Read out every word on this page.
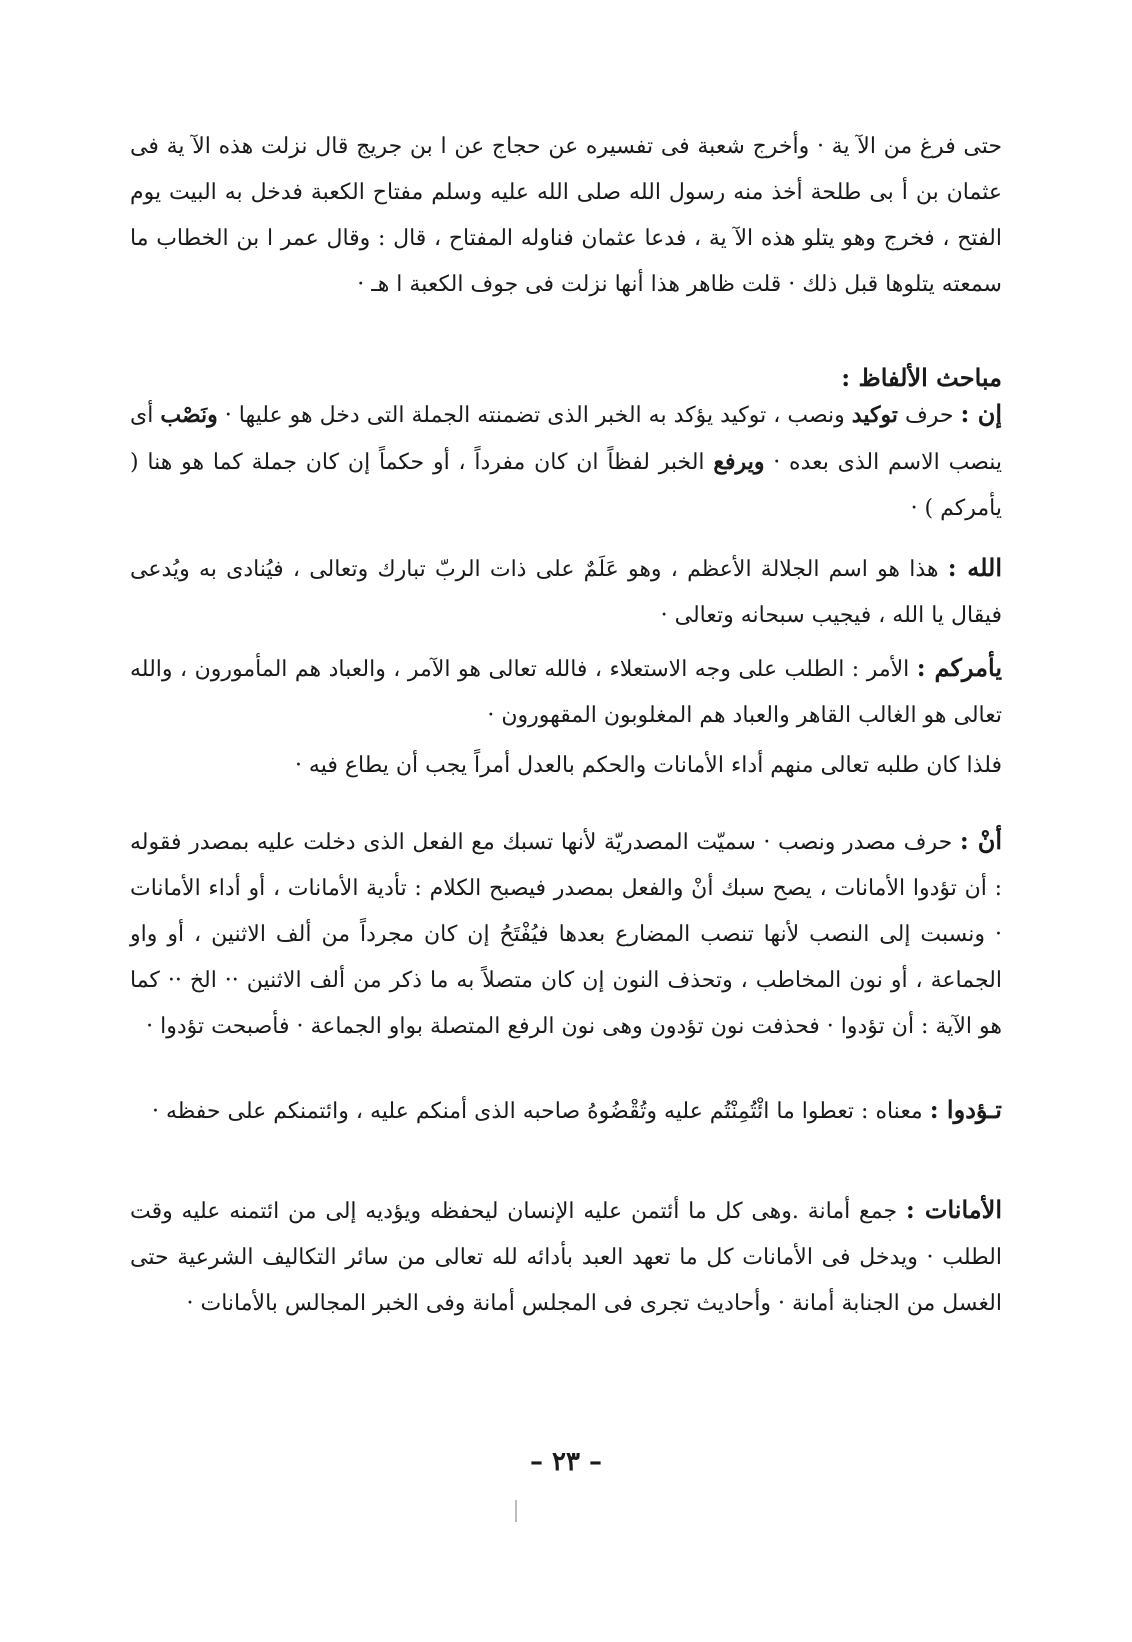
حتى فرغ من الآ ية · وأخرج شعبة فى تفسيره عن حجاج عن ا بن جريج قال نزلت هذه الآ ية فى عثمان بن أ بى طلحة أخذ منه رسول الله صلى الله عليه وسلم مفتاح الكعبة فدخل به البيت يوم الفتح ، فخرج وهو يتلو هذه الآ ية ، فدعا عثمان فناوله المفتاح ، قال : وقال عمر ا بن الخطاب ما سمعته يتلوها قبل ذلك · قلت ظاهر هذا أنها نزلت فى جوف الكعبة ا هـ ·

مباحث الألفاظ :

إن : حرف توكيد ونصب ، توكيد يؤكد به الخبر الذى تضمنته الجملة التى دخل هو عليها · ونَصْب أى ينصب الاسم الذى بعده · ويرفع الخبر لفظاً ان كان مفرداً ، أو حكماً إن كان جملة كما هو هنا ( يأمركم ) ·

الله : هذا هو اسم الجلالة الأعظم ، وهو عَلَمٌ على ذات الربّ تبارك وتعالى ، فيُنادى به ويُدعى فيقال يا الله ، فيجيب سبحانه وتعالى ·

يأمركم : الأمر : الطلب على وجه الاستعلاء ، فالله تعالى هو الآمر ، والعباد هم المأمورون ، والله تعالى هو الغالب القاهر والعباد هم المغلوبون المقهورون ·

فلذا كان طلبه تعالى منهم أداء الأمانات والحكم بالعدل أمراً يجب أن يطاع فيه ·

أنْ : حرف مصدر ونصب · سميّت المصدريّة لأنها تسبك مع الفعل الذى دخلت عليه بمصدر فقوله : أن تؤدوا الأمانات ، يصح سبك أنْ والفعل بمصدر فيصبح الكلام : تأدية الأمانات ، أو أداء الأمانات · ونسبت إلى النصب لأنها تنصب المضارع بعدها فيُفْتَحُ إن كان مجرداً من ألف الاثنين ، أو واو الجماعة ، أو نون المخاطب ، وتحذف النون إن كان متصلاً به ما ذكر من ألف الاثنين ·· الخ ·· كما هو الآية : أن تؤدوا · فحذفت نون تؤدون وهى نون الرفع المتصلة بواو الجماعة · فأصبحت تؤدوا ·

تـؤدوا : معناه : تعطوا ما ائْتُمِنْتُم عليه وتُقْضُوهُ صاحبه الذى أمنكم عليه ، وائتمنكم على حفظه ·

الأمانات : جمع أمانة .وهى كل ما أئتمن عليه الإنسان ليحفظه ويؤديه إلى من ائتمنه عليه وقت الطلب · ويدخل فى الأمانات كل ما تعهد العبد بأدائه لله تعالى من سائر التكاليف الشرعية حتى الغسل من الجنابة أمانة · وأحاديث تجرى فى المجلس أمانة وفى الخبر المجالس بالأمانات ·

– ٢٣ –
